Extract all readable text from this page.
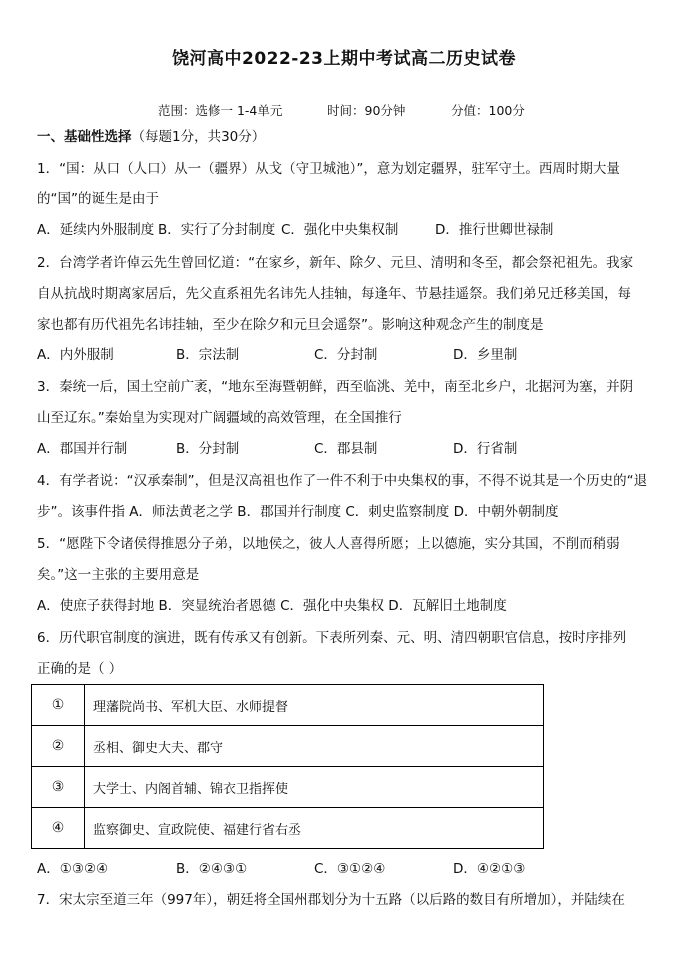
饶河高中2022-23上期中考试高二历史试卷
范围：选修一 1-4单元	时间：90分钟	分值：100分
一、基础性选择（每题1分，共30分）
1．“国：从口（人口）从一（疆界）从戈（守卫城池）”，意为划定疆界，驻军守土。西周时期大量
的“国”的诞生是由于
A．延续内外服制度 B．实行了分封制度 C．强化中央集权制	D．推行世卿世禄制
2．台湾学者许倬云先生曾回忆道：“在家乡，新年、除夕、元旦、清明和冬至，都会祭祀祖先。我家
自从抗战时期离家居后，先父直系祖先名讳先人挂轴，每逢年、节悬挂遥祭。我们弟兄迁移美国，每
家也都有历代祖先名讳挂轴，至少在除夕和元旦会遥祭”。影响这种观念产生的制度是
A．内外服制	B．宗法制	C．分封制	D．乡里制
3．秦统一后，国土空前广袤，“地东至海暨朝鲜，西至临洮、羌中，南至北乡户，北据河为塞，并阴
山至辽东。”秦始皇为实现对广阔疆域的高效管理，在全国推行
A．郡国并行制	B．分封制	C．郡县制	D．行省制
4．有学者说：“汉承秦制”，但是汉高祖也作了一件不利于中央集权的事，不得不说其是一个历史的“退
步”。该事件指 A．师法黄老之学 B．郡国并行制度 C．刺史监察制度 D．中朝外朝制度
5．“愿陛下令诸侯得推恩分子弟，以地侯之，彼人人喜得所愿；上以德施，实分其国，不削而稍弱
矣。”这一主张的主要用意是
A．使庶子获得封地 B．突显统治者恩德 C．强化中央集权 D．瓦解旧土地制度
6．历代职官制度的演进，既有传承又有创新。下表所列秦、元、明、清四朝职官信息，按时序排列
正确的是（ ）
①	理藩院尚书、军机大臣、水师提督
②	丞相、御史大夫、郡守
③	大学士、内阁首辅、锦衣卫指挥使
④	监察御史、宣政院使、福建行省右丞
A．①③②④	B．②④③①	C．③①②④	D．④②①③
7．宋太宗至道三年（997年），朝廷将全国州郡划分为十五路（以后路的数目有所增加），并陆续在
